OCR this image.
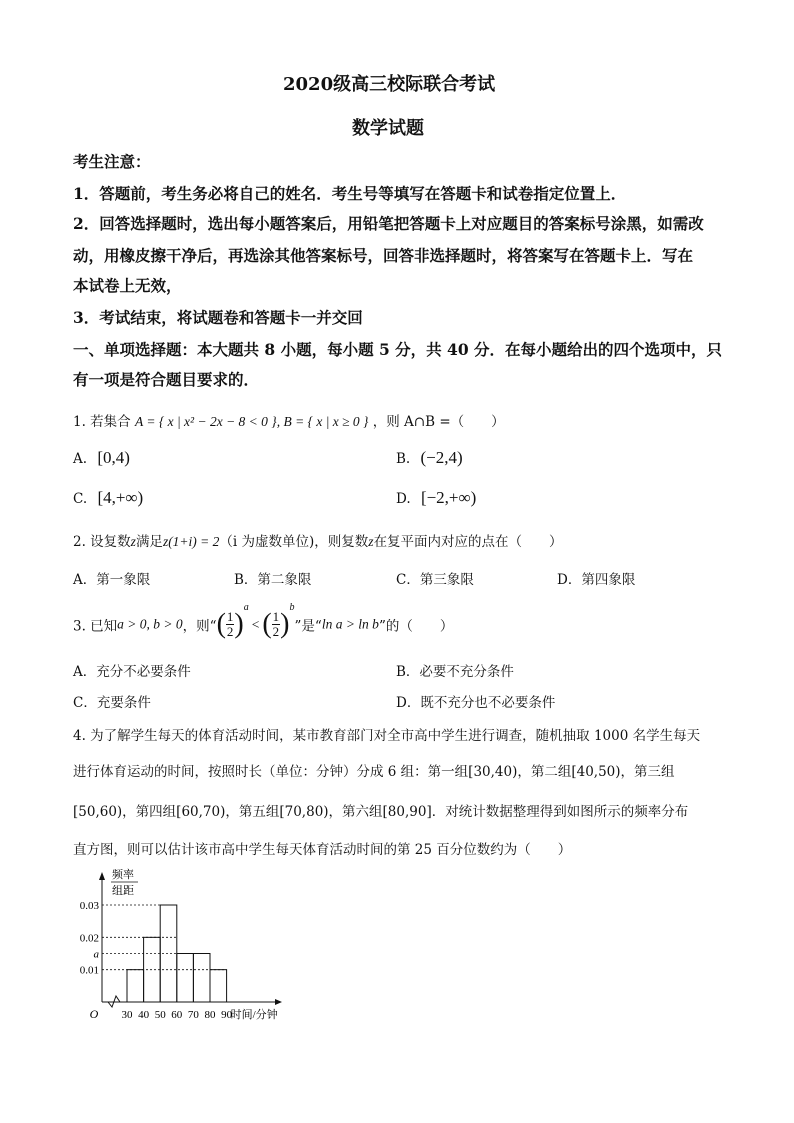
2020级高三校际联合考试
数学试题
考生注意：
1．答题前，考生务必将自己的姓名．考生号等填写在答题卡和试卷指定位置上．
2．回答选择题时，选出每小题答案后，用铅笔把答题卡上对应题目的答案标号涂黑，如需改
动，用橡皮擦干净后，再选涂其他答案标号，回答非选择题时，将答案写在答题卡上．写在
本试卷上无效，
3．考试结束，将试题卷和答题卡一并交回
一、单项选择题：本大题共 8 小题，每小题 5 分，共 40 分．在每小题给出的四个选项中，只
有一项是符合题目要求的．
1. 若集合 A = { x | x² − 2x − 8 < 0 }, B = { x | x ≥ 0 } ，则 A∩B =（　　）
A. [0,4)	B. (−2,4)
C. [4,+∞)	D. [−2,+∞)
2. 设复数z满足z(1+i) = 2（i 为虚数单位)，则复数z在复平面内对应的点在（　　）
A．第一象限	B．第二象限	C．第三象限	D．第四象限
3. 已知a > 0, b > 0，则“( $\frac{1}{2} )^a<$ ( $\frac{1}{2} )^b$”是“ln a > ln b”的（　　）
A．充分不必要条件	B．必要不充分条件
C．充要条件	D．既不充分也不必要条件
4. 为了解学生每天的体育活动时间，某市教育部门对全市高中学生进行调查，随机抽取 1000 名学生每天
进行体育运动的时间，按照时长（单位：分钟）分成 6 组：第一组[30,40)，第二组[40,50)，第三组
[50,60)，第四组[60,70)，第五组[70,80)，第六组[80,90]．对统计数据整理得到如图所示的频率分布
直方图，则可以估计该市高中学生每天体育活动时间的第 25 百分位数约为（　　）
0.03
0.02
a
0.01
30 40 50 60 70 80 90
O	时间/分钟
频率
组距
